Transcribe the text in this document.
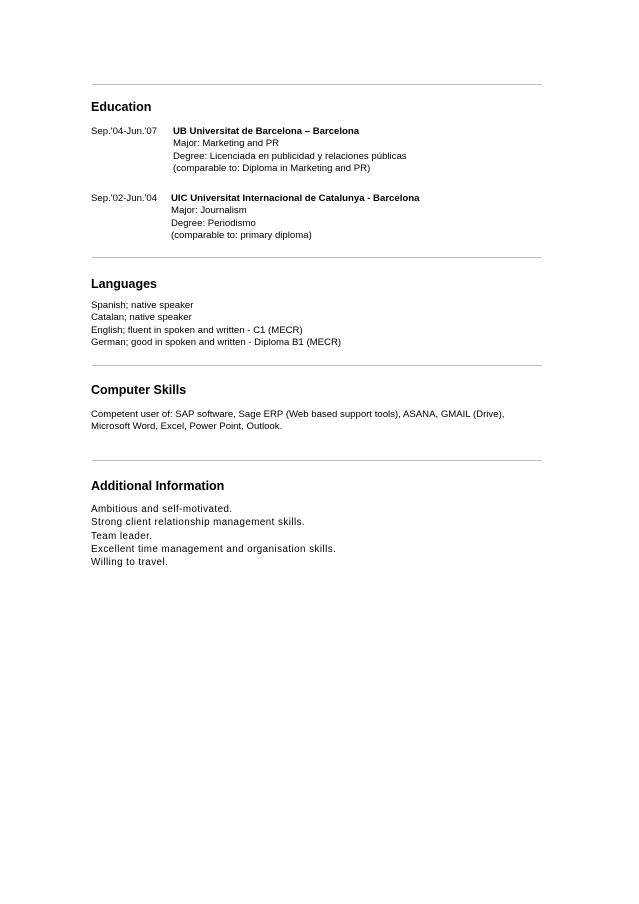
Education
Sep.'04-Jun.'07 UB Universitat de Barcelona – Barcelona
Major: Marketing and PR
Degree: Licenciada en publicidad y relaciones públicas
(comparable to: Diploma in Marketing and PR)
Sep.'02-Jun.'04 UIC Universitat Internacional de Catalunya - Barcelona
Major: Journalism
Degree: Periodismo
(comparable to: primary diploma)
Languages
Spanish; native speaker
Catalan; native speaker
English; fluent in spoken and written - C1 (MECR)
German; good in spoken and written - Diploma B1 (MECR)
Computer Skills
Competent user of: SAP software, Sage ERP (Web based support tools), ASANA, GMAIL (Drive),
Microsoft Word, Excel, Power Point, Outlook.
Additional Information
Ambitious and self-motivated.
Strong client relationship management skills.
Team leader.
Excellent time management and organisation skills.
Willing to travel.
